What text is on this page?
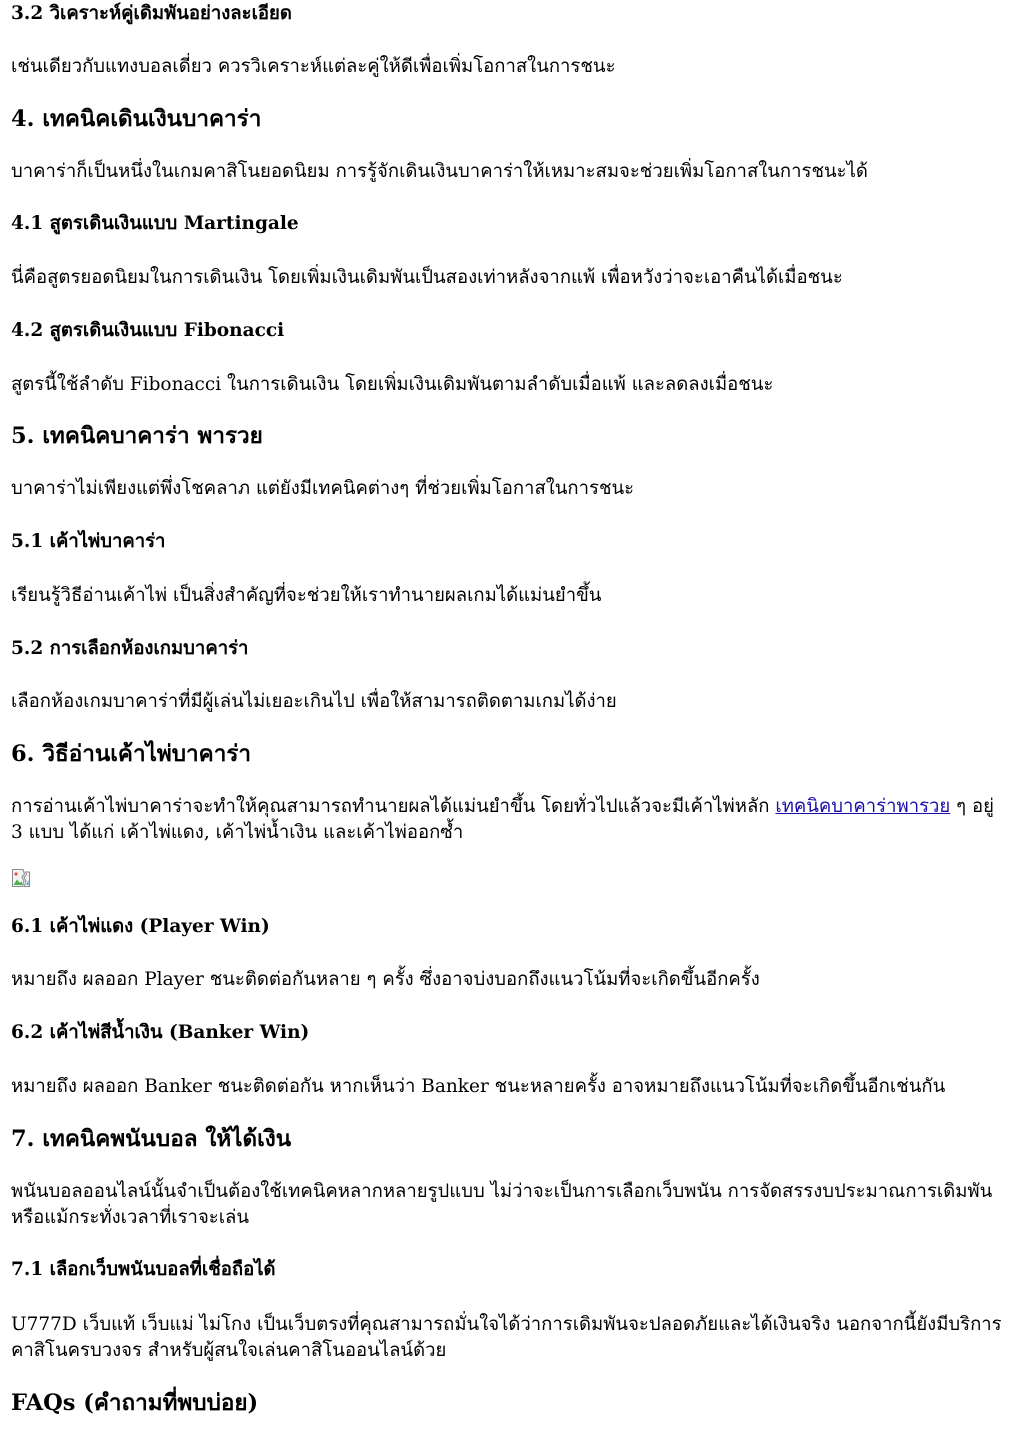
3.2 วิเคราะห์คู่เดิมพันอย่างละเอียด

เช่นเดียวกับแทงบอลเดี่ยว ควรวิเคราะห์แต่ละคู่ให้ดีเพื่อเพิ่มโอกาสในการชนะ

4. เทคนิคเดินเงินบาคาร่า

บาคาร่าก็เป็นหนึ่งในเกมคาสิโนยอดนิยม การรู้จักเดินเงินบาคาร่าให้เหมาะสมจะช่วยเพิ่มโอกาสในการชนะได้

4.1 สูตรเดินเงินแบบ Martingale

นี่คือสูตรยอดนิยมในการเดินเงิน โดยเพิ่มเงินเดิมพันเป็นสองเท่าหลังจากแพ้ เพื่อหวังว่าจะเอาคืนได้เมื่อชนะ

4.2 สูตรเดินเงินแบบ Fibonacci

สูตรนี้ใช้ลำดับ Fibonacci ในการเดินเงิน โดยเพิ่มเงินเดิมพันตามลำดับเมื่อแพ้ และลดลงเมื่อชนะ

5. เทคนิคบาคาร่า พารวย

บาคาร่าไม่เพียงแต่พึ่งโชคลาภ แต่ยังมีเทคนิคต่างๆ ที่ช่วยเพิ่มโอกาสในการชนะ

5.1 เค้าไพ่บาคาร่า

เรียนรู้วิธีอ่านเค้าไพ่ เป็นสิ่งสำคัญที่จะช่วยให้เราทำนายผลเกมได้แม่นยำขึ้น

5.2 การเลือกห้องเกมบาคาร่า

เลือกห้องเกมบาคาร่าที่มีผู้เล่นไม่เยอะเกินไป เพื่อให้สามารถติดตามเกมได้ง่าย

6. วิธีอ่านเค้าไพ่บาคาร่า

การอ่านเค้าไพ่บาคาร่าจะทำให้คุณสามารถทำนายผลได้แม่นยำขึ้น โดยทั่วไปแล้วจะมีเค้าไพ่หลัก เทคนิคบาคาร่าพารวย ๆ อยู่ 3 แบบ ได้แก่ เค้าไพ่แดง, เค้าไพ่น้ำเงิน และเค้าไพ่ออกซ้ำ

6.1 เค้าไพ่แดง (Player Win)

หมายถึง ผลออก Player ชนะติดต่อกันหลาย ๆ ครั้ง ซึ่งอาจบ่งบอกถึงแนวโน้มที่จะเกิดขึ้นอีกครั้ง

6.2 เค้าไพ่สีน้ำเงิน (Banker Win)

หมายถึง ผลออก Banker ชนะติดต่อกัน หากเห็นว่า Banker ชนะหลายครั้ง อาจหมายถึงแนวโน้มที่จะเกิดขึ้นอีกเช่นกัน

7. เทคนิคพนันบอล ให้ได้เงิน

พนันบอลออนไลน์นั้นจำเป็นต้องใช้เทคนิคหลากหลายรูปแบบ ไม่ว่าจะเป็นการเลือกเว็บพนัน การจัดสรรงบประมาณการเดิมพัน หรือแม้กระทั่งเวลาที่เราจะเล่น

7.1 เลือกเว็บพนันบอลที่เชื่อถือได้

U777D เว็บแท้ เว็บแม่ ไม่โกง เป็นเว็บตรงที่คุณสามารถมั่นใจได้ว่าการเดิมพันจะปลอดภัยและได้เงินจริง นอกจากนี้ยังมีบริการคาสิโนครบวงจร สำหรับผู้สนใจเล่นคาสิโนออนไลน์ด้วย

FAQs (คำถามที่พบบ่อย)
